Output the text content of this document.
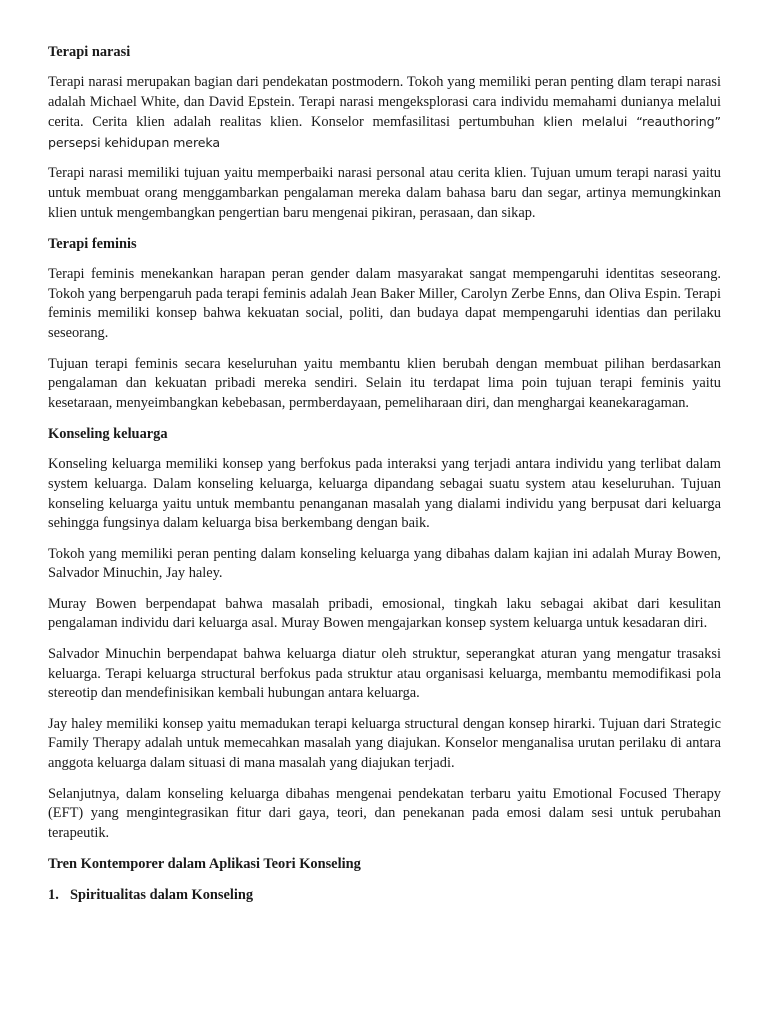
Terapi narasi

Terapi narasi merupakan bagian dari pendekatan postmodern. Tokoh yang memiliki peran penting dlam terapi narasi adalah Michael White, dan David Epstein. Terapi narasi mengeksplorasi cara individu memahami dunianya melalui cerita. Cerita klien adalah realitas klien. Konselor memfasilitasi pertumbuhan klien melalui “reauthoring” persepsi kehidupan mereka

Terapi narasi memiliki tujuan yaitu memperbaiki narasi personal atau cerita klien. Tujuan umum terapi narasi yaitu untuk membuat orang menggambarkan pengalaman mereka dalam bahasa baru dan segar, artinya memungkinkan klien untuk mengembangkan pengertian baru mengenai pikiran, perasaan, dan sikap.

Terapi feminis

Terapi feminis menekankan harapan peran gender dalam masyarakat sangat mempengaruhi identitas seseorang. Tokoh yang berpengaruh pada terapi feminis adalah Jean Baker Miller, Carolyn Zerbe Enns, dan Oliva Espin. Terapi feminis memiliki konsep bahwa kekuatan social, politi, dan budaya dapat mempengaruhi identias dan perilaku seseorang.

Tujuan terapi feminis secara keseluruhan yaitu membantu klien berubah dengan membuat pilihan berdasarkan pengalaman dan kekuatan pribadi mereka sendiri. Selain itu terdapat lima poin tujuan terapi feminis yaitu kesetaraan, menyeimbangkan kebebasan, permberdayaan, pemeliharaan diri, dan menghargai keanekaragaman.

Konseling keluarga

Konseling keluarga memiliki konsep yang berfokus pada interaksi yang terjadi antara individu yang terlibat dalam system keluarga. Dalam konseling keluarga, keluarga dipandang sebagai suatu system atau keseluruhan. Tujuan konseling keluarga yaitu untuk membantu penanganan masalah yang dialami individu yang berpusat dari keluarga sehingga fungsinya dalam keluarga bisa berkembang dengan baik.

Tokoh yang memiliki peran penting dalam konseling keluarga yang dibahas dalam kajian ini adalah Muray Bowen, Salvador Minuchin, Jay haley.

Muray Bowen berpendapat bahwa masalah pribadi, emosional, tingkah laku sebagai akibat dari kesulitan pengalaman individu dari keluarga asal. Muray Bowen mengajarkan konsep system keluarga untuk kesadaran diri.

Salvador Minuchin berpendapat bahwa keluarga diatur oleh struktur, seperangkat aturan yang mengatur trasaksi keluarga. Terapi keluarga structural berfokus pada struktur atau organisasi keluarga, membantu memodifikasi pola stereotip dan mendefinisikan kembali hubungan antara keluarga.

Jay haley memiliki konsep yaitu memadukan terapi keluarga structural dengan konsep hirarki. Tujuan dari Strategic Family Therapy adalah untuk memecahkan masalah yang diajukan. Konselor menganalisa urutan perilaku di antara anggota keluarga dalam situasi di mana masalah yang diajukan terjadi.

Selanjutnya, dalam konseling keluarga dibahas mengenai pendekatan terbaru yaitu Emotional Focused Therapy (EFT) yang mengintegrasikan fitur dari gaya, teori, dan penekanan pada emosi dalam sesi untuk perubahan terapeutik.

Tren Kontemporer dalam Aplikasi Teori Konseling

1. Spiritualitas dalam Konseling
